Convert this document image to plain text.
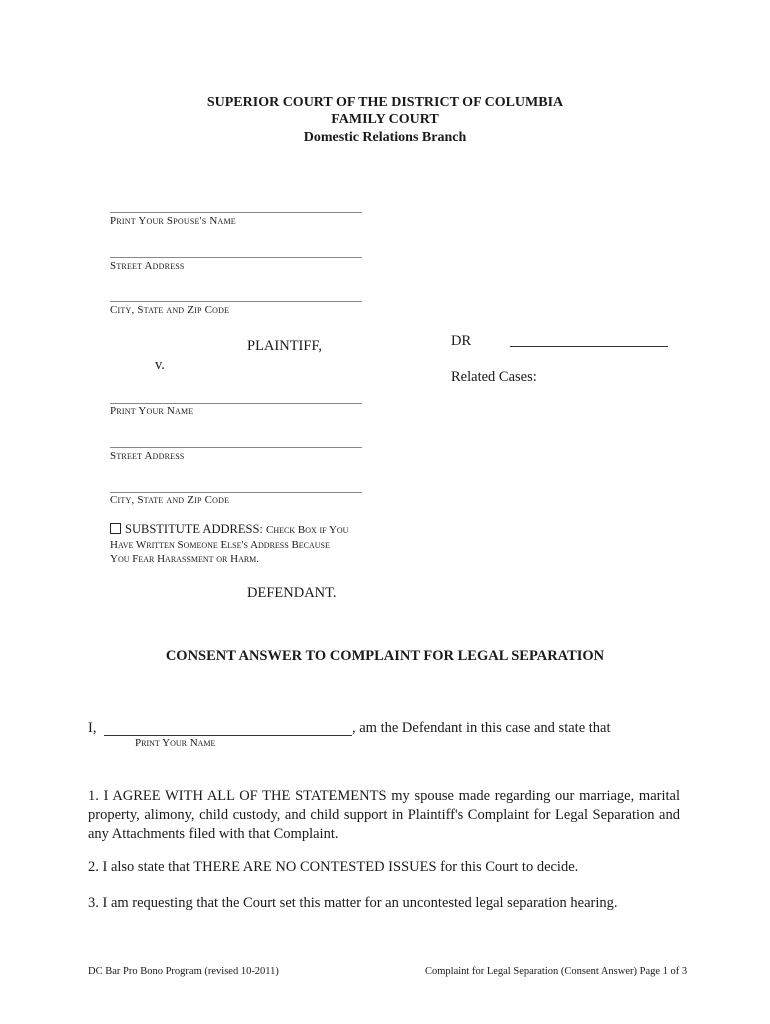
SUPERIOR COURT OF THE DISTRICT OF COLUMBIA
FAMILY COURT
Domestic Relations Branch
Print Your Spouse's Name
Street Address
City, State and Zip Code
PLAINTIFF,
v.
DR
Related Cases:
Print Your Name
Street Address
City, State and Zip Code
SUBSTITUTE ADDRESS: Check Box if You
Have Written Someone Else's Address Because
You Fear Harassment or Harm.
DEFENDANT.
CONSENT ANSWER TO COMPLAINT FOR LEGAL SEPARATION
I,	, am the Defendant in this case and state that
Print Your Name
1. I AGREE WITH ALL OF THE STATEMENTS my spouse made regarding our marriage, marital property, alimony, child custody, and child support in Plaintiff's Complaint for Legal Separation and any Attachments filed with that Complaint.
2. I also state that THERE ARE NO CONTESTED ISSUES for this Court to decide.
3. I am requesting that the Court set this matter for an uncontested legal separation hearing.
DC Bar Pro Bono Program (revised 10-2011)	Complaint for Legal Separation (Consent Answer) Page 1 of 3
